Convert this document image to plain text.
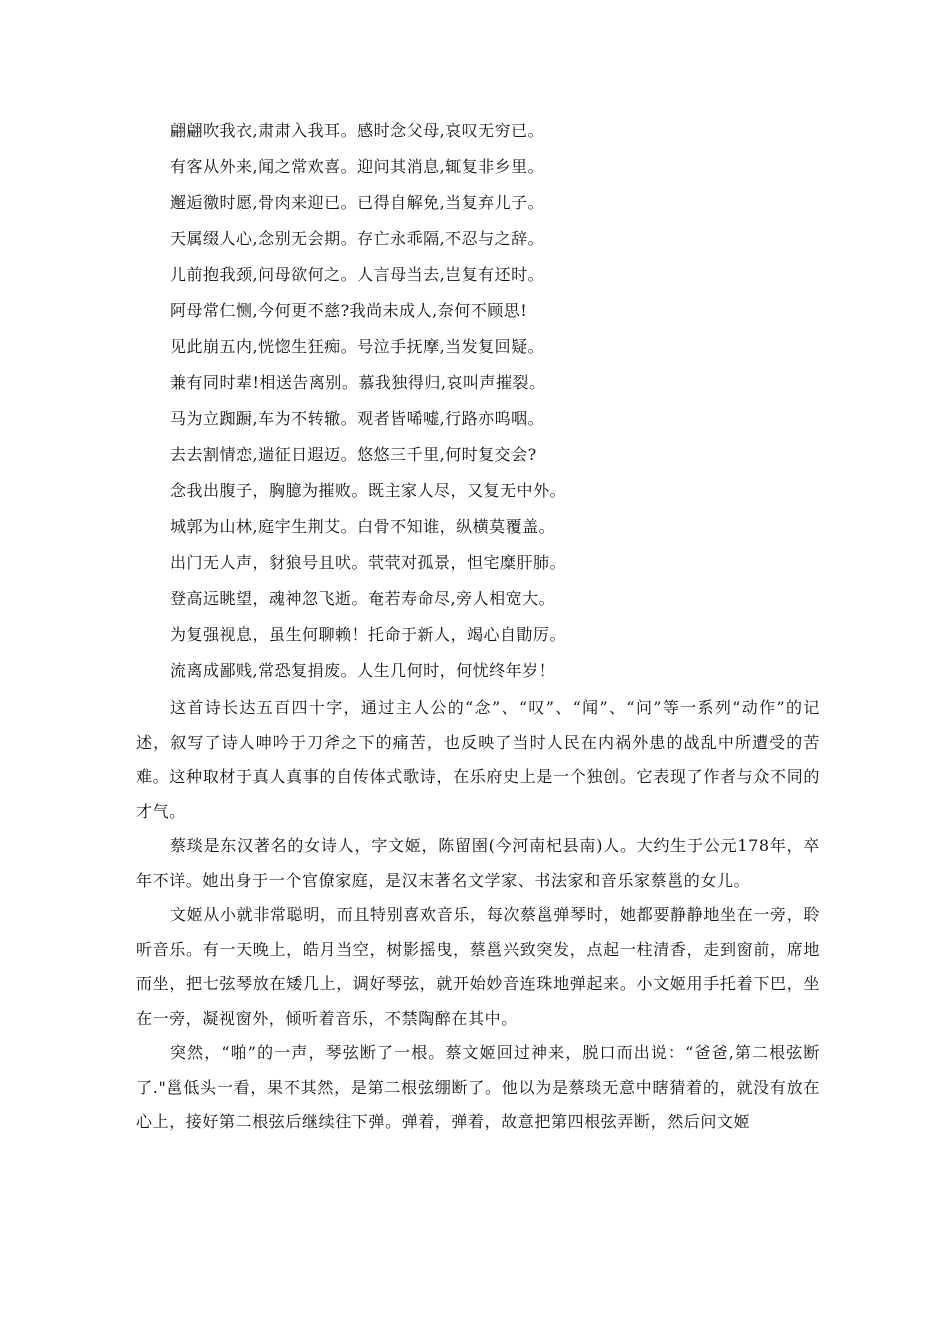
翩翩吹我衣,肃肃入我耳。感时念父母,哀叹无穷已。
有客从外来,闻之常欢喜。迎问其消息,辄复非乡里。
邂逅徼时愿,骨肉来迎已。已得自解免,当复弃儿子。
天属缀人心,念别无会期。存亡永乖隔,不忍与之辞。
儿前抱我颈,问母欲何之。人言母当去,岂复有还时。
阿母常仁恻,今何更不慈?我尚未成人,奈何不顾思!
见此崩五内,恍惚生狂痴。号泣手抚摩,当发复回疑。
兼有同时辈!相送告离别。慕我独得归,哀叫声摧裂。
马为立踟蹰,车为不转辙。观者皆唏嘘,行路亦呜咽。
去去割情恋,遄征日遐迈。悠悠三千里,何时复交会?
念我出腹子，胸臆为摧败。既主家人尽，又复无中外。
城郭为山林,庭宇生荆艾。白骨不知谁，纵横莫覆盖。
出门无人声，豺狼号且吠。茕茕对孤景，怛宅糜肝肺。
登高远眺望，魂神忽飞逝。奄若寿命尽,旁人相宽大。
为复强视息，虽生何聊赖！托命于新人，竭心自勖厉。
流离成鄙贱,常恐复捐废。人生几何时，何忧终年岁！

这首诗长达五百四十字，通过主人公的“念”、“叹”、“闻”、“问”等一系列“动作”的记述，叙写了诗人呻吟于刀斧之下的痛苦，也反映了当时人民在内祸外患的战乱中所遭受的苦难。这种取材于真人真事的自传体式歌诗，在乐府史上是一个独创。它表现了作者与众不同的才气。

蔡琰是东汉著名的女诗人，字文姬，陈留圉(今河南杞县南)人。大约生于公元178年，卒年不详。她出身于一个官僚家庭，是汉末著名文学家、书法家和音乐家蔡邕的女儿。

文姬从小就非常聪明，而且特别喜欢音乐，每次蔡邕弹琴时，她都要静静地坐在一旁，聆听音乐。有一天晚上，皓月当空，树影摇曳，蔡邕兴致突发，点起一柱清香，走到窗前，席地而坐，把七弦琴放在矮几上，调好琴弦，就开始妙音连珠地弹起来。小文姬用手托着下巴，坐在一旁，凝视窗外，倾听着音乐，不禁陶醉在其中。

突然，“啪”的一声，琴弦断了一根。蔡文姬回过神来，脱口而出说：“爸爸,第二根弦断了."邕低头一看，果不其然，是第二根弦绷断了。他以为是蔡琰无意中瞎猜着的，就没有放在心上，接好第二根弦后继续往下弹。弹着，弹着，故意把第四根弦弄断，然后问文姬
